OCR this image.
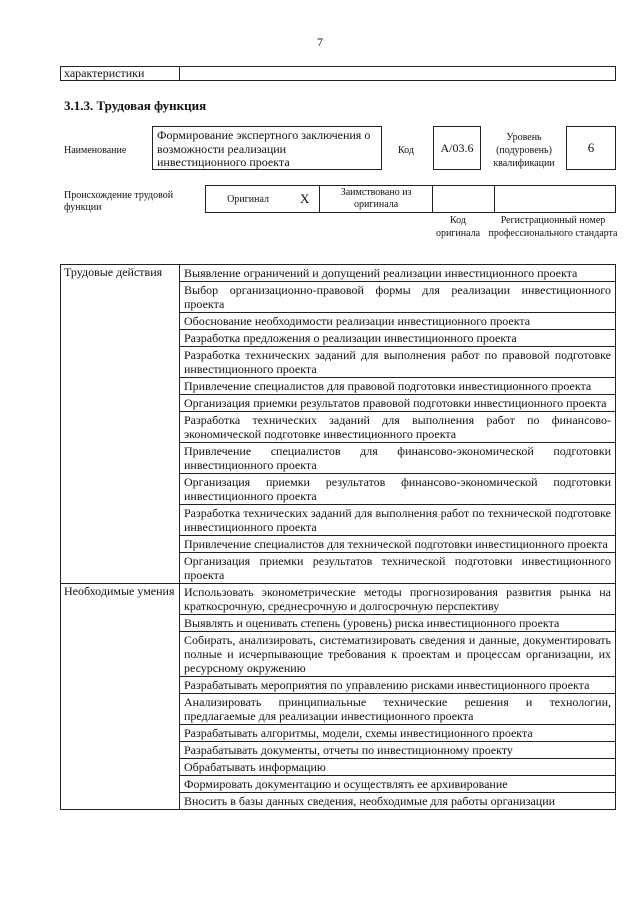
7
характеристики	
3.1.3. Трудовая функция
Наименование
Формирование экспертного заключения о возможности реализации инвестиционного проекта
Код	A/03.6
Уровень (подуровень) квалификации
6
Происхождение трудовой функции
Оригинал	X	Заимствовано из оригинала		
Код оригинала
Регистрационный номер профессионального стандарта
Трудовые действия	Выявление ограничений и допущений реализации инвестиционного проекта
	Выбор организационно-правовой формы для реализации инвестиционного проекта
	Обоснование необходимости реализации инвестиционного проекта
	Разработка предложения о реализации инвестиционного проекта
	Разработка технических заданий для выполнения работ по правовой подготовке инвестиционного проекта
	Привлечение специалистов для правовой подготовки инвестиционного проекта
	Организация приемки результатов правовой подготовки инвестиционного проекта
	Разработка технических заданий для выполнения работ по финансово-экономической подготовке инвестиционного проекта
	Привлечение специалистов для финансово-экономической подготовки инвестиционного проекта
	Организация приемки результатов финансово-экономической подготовки инвестиционного проекта
	Разработка технических заданий для выполнения работ по технической подготовке инвестиционного проекта
	Привлечение специалистов для технической подготовки инвестиционного проекта
	Организация приемки результатов технической подготовки инвестиционного проекта
Необходимые умения	Использовать эконометрические методы прогнозирования развития рынка на краткосрочную, среднесрочную и долгосрочную перспективу
	Выявлять и оценивать степень (уровень) риска инвестиционного проекта
	Собирать, анализировать, систематизировать сведения и данные, документировать полные и исчерпывающие требования к проектам и процессам организации, их ресурсному окружению
	Разрабатывать мероприятия по управлению рисками инвестиционного проекта
	Анализировать принципиальные технические решения и технологии, предлагаемые для реализации инвестиционного проекта
	Разрабатывать алгоритмы, модели, схемы инвестиционного проекта
	Разрабатывать документы, отчеты по инвестиционному проекту
	Обрабатывать информацию
	Формировать документацию и осуществлять ее архивирование
	Вносить в базы данных сведения, необходимые для работы организации
